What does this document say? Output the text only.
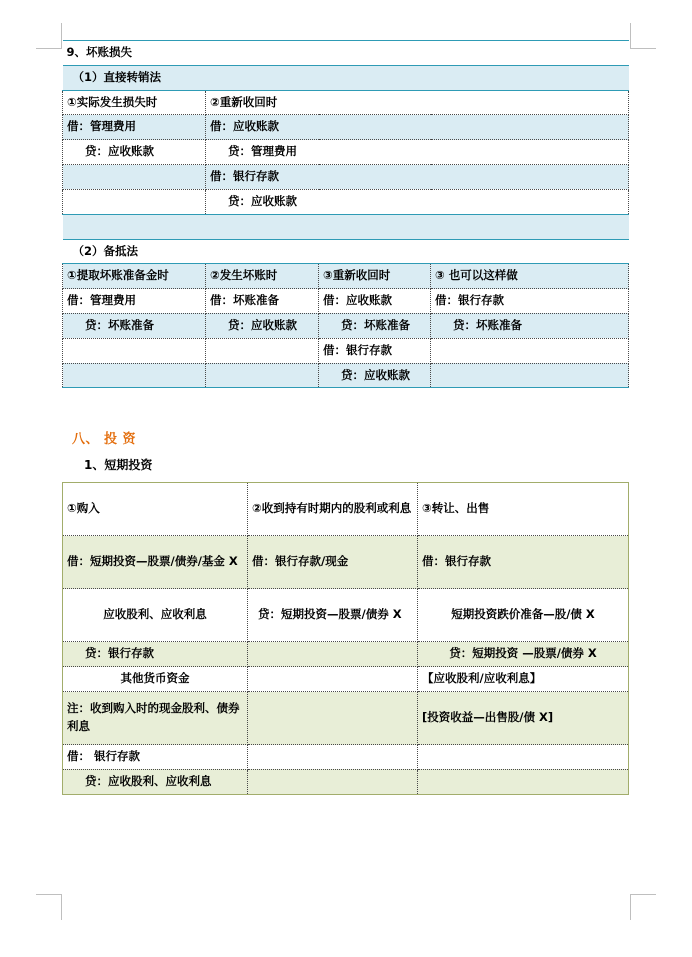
9、坏账损失			
（1）直接转销法			
①实际发生损失时	②重新收回时		
借：管理费用	借：应收账款		
贷：应收账款	贷：管理费用		
	借：银行存款		
	贷：应收账款		

（2）备抵法			
①提取坏账准备金时	②发生坏账时	③重新收回时	③ 也可以这样做
借：管理费用	借：坏账准备	借：应收账款	借：银行存款
贷：坏账准备	贷：应收账款	贷：坏账准备	贷：坏账准备
		借：银行存款	
		贷：应收账款	
八、 投 资
1、短期投资
①购入	②收到持有时期内的股利或利息	③转让、出售
借：短期投资—股票/债券/基金 X	借：银行存款/现金	借：银行存款
应收股利、应收利息	贷：短期投资—股票/债券 X	短期投资跌价准备—股/债 X
贷：银行存款		贷：短期投资 —股票/债券 X
其他货币资金		【应收股利/应收利息】
注：收到购入时的现金股利、债券利息		[投资收益—出售股/债 X]
借： 银行存款		
贷：应收股利、应收利息		
